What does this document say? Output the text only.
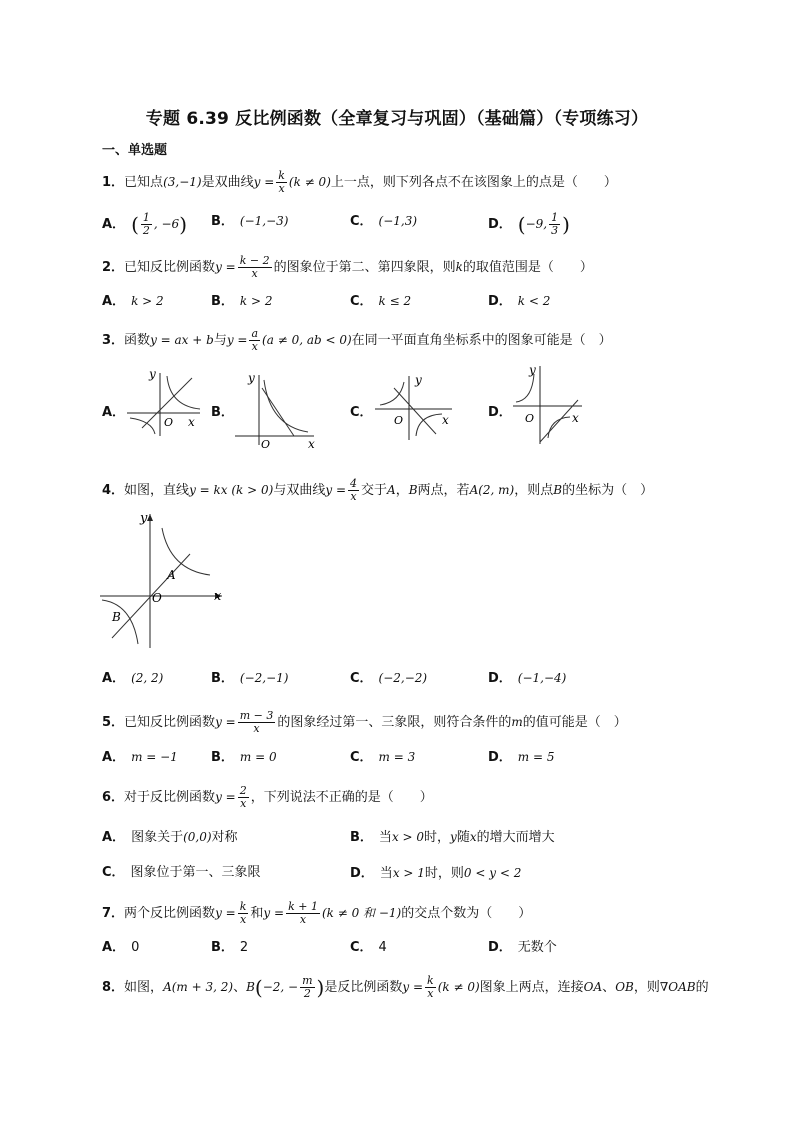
专题 6.39 反比例函数（全章复习与巩固）（基础篇）（专项练习）
一、单选题
1．已知点(3,−1)是双曲线$y = \frac{k}{x} (k \ne 0)$上一点，则下列各点不在该图象上的点是（　　）
A． ( $\frac{1}{2}$ , −6) B． (−1,−3)	C． (−1,3)	D． (−9, $\frac{1}{3}$ )
2．已知反比例函数$y = \frac{k - 2}{x}$ 的图象位于第二、第四象限，则k的取值范围是（　　）
A． k > 2	B． k > 2	C． k ≤ 2	D． k < 2
3．函数y = ax + b与$y = \frac{a}{x} (a \ne 0$, ab < 0)在同一平面直角坐标系中的图象可能是（　）
A．
y
O x
B．
y
O	x
C．
y
O	x	D．
y
O	x
4．如图，直线y = kx (k > 0)与双曲线$y = \frac{4}{x}$ 交于A，B两点，若A(2, m)，则点B的坐标为（　）
y
x
O
A
B
A． (2, 2)	B． (−2,−1)	C． (−2,−2)	D． (−1,−4)
5．已知反比例函数$y = \frac{m - 3}{x}$ 的图象经过第一、三象限，则符合条件的m的值可能是（　）
A． m = −1	B． m = 0	C． m = 3	D． m = 5
6．对于反比例函数$y = \frac{2}{x}$ ，下列说法不正确的是（　　）
A． 图象关于(0,0)对称	B． 当x > 0时，y随x的增大而增大
C． 图象位于第一、三象限	D． 当x > 1时，则0 < y < 2
7．两个反比例函数$y = \frac{k}{x}$ 和$y = \frac{k + 1}{x} (k \ne 0$ 和 −1)的交点个数为（　　）
A． 0	B． 2	C． 4	D． 无数个
8．如图，A(m + 3, 2)、B(−2, − $\frac{m}{2}$ )是反比例函数$y = \frac{k}{x} (k \ne 0)$图象上两点，连接OA、OB，则∇OAB的
